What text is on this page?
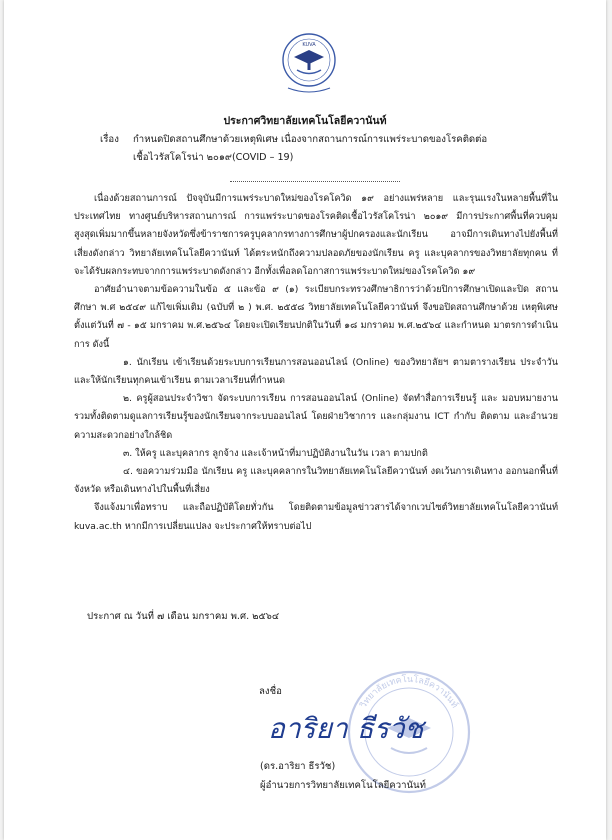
KUVA
ประกาศวิทยาลัยเทคโนโลยีควานันท์
เรื่อง กำหนดปิดสถานศึกษาด้วยเหตุพิเศษ เนื่องจากสถานการณ์การแพร่ระบาดของโรคติดต่อ
เชื้อไวรัสโคโรน่า ๒๐๑๙(COVID – 19)

เนื่องด้วยสถานการณ์ ปัจจุบันมีการแพร่ระบาดใหม่ของโรคโควิด ๑๙ อย่างแพร่หลาย และรุนแรงในหลายพื้นที่ใน ประเทศไทย ทางศูนย์บริหารสถานการณ์ การแพร่ระบาดของโรคติดเชื้อไวรัสโคโรน่า ๒๐๑๙ มีการประกาศพื้นที่ควบคุม สูงสุดเพิ่มมากขึ้นหลายจังหวัดซึ่งข้าราชการครูบุคลากรทางการศึกษาผู้ปกครองและนักเรียน อาจมีการเดินทางไปยังพื้นที่ เสี่ยงดังกล่าว วิทยาลัยเทคโนโลยีควานันท์ ได้ตระหนักถึงความปลอดภัยของนักเรียน ครู และบุคลากรของวิทยาลัยทุกคน ที่จะได้รับผลกระทบจากการแพร่ระบาดดังกล่าว อีกทั้งเพื่อลดโอกาสการแพร่ระบาดใหม่ของโรคโควิด ๑๙

อาศัยอำนาจตามข้อความในข้อ ๕ และข้อ ๙ (๑) ระเบียบกระทรวงศึกษาธิการว่าด้วยปิการศึกษาเปิดและปิด สถานศึกษา พ.ศ ๒๕๔๙ แก้ไขเพิ่มเติม (ฉบับที่ ๒ ) พ.ศ. ๒๕๕๘ วิทยาลัยเทคโนโลยีควานันท์ จึงขอปิดสถานศึกษาด้วย เหตุพิเศษ ตั้งแต่วันที่ ๗ - ๑๕ มกราคม พ.ศ.๒๕๖๔ โดยจะเปิดเรียนปกติในวันที่ ๑๘ มกราคม พ.ศ.๒๕๖๔ และกำหนด มาตรการดำเนินการ ดังนี้

๑. นักเรียน เข้าเรียนด้วยระบบการเรียนการสอนออนไลน์ (Online) ของวิทยาลัยฯ ตามตารางเรียน ประจำวันและให้นักเรียนทุกคนเข้าเรียน ตามเวลาเรียนที่กำหนด

๒. ครูผู้สอนประจำวิชา จัดระบบการเรียน การสอนออนไลน์ (Online) จัดทำสื่อการเรียนรู้ และ มอบหมายงาน รวมทั้งติดตามดูแลการเรียนรู้ของนักเรียนจากระบบออนไลน์ โดยฝ่ายวิชาการ และกลุ่มงาน ICT กำกับ ติดตาม และอำนวยความสะดวกอย่างใกล้ชิด

๓. ให้ครู และบุคลากร ลูกจ้าง และเจ้าหน้าที่มาปฏิบัติงานในวัน เวลา ตามปกติ

๔. ขอความร่วมมือ นักเรียน ครู และบุคคลากรในวิทยาลัยเทคโนโลยีควานันท์ งดเว้นการเดินทาง ออกนอกพื้นที่จังหวัด หรือเดินทางไปในพื้นที่เสี่ยง

จึงแจ้งมาเพื่อทราบ และถือปฏิบัติโดยทั่วกัน โดยติดตามข้อมูลข่าวสารได้จากเวบไซต์วิทยาลัยเทคโนโลยีควานันท์ kuva.ac.th หากมีการเปลี่ยนแปลง จะประกาศให้ทราบต่อไป

ประกาศ ณ วันที่ ๗ เดือน มกราคม พ.ศ. ๒๕๖๔
วิทยาลัยเทคโนโลยีควานันท์
ลงชื่อ
อาริยา ธีรวัช
(ดร.อาริยา ธีรวัช)
ผู้อำนวยการวิทยาลัยเทคโนโลยีควานันท์
